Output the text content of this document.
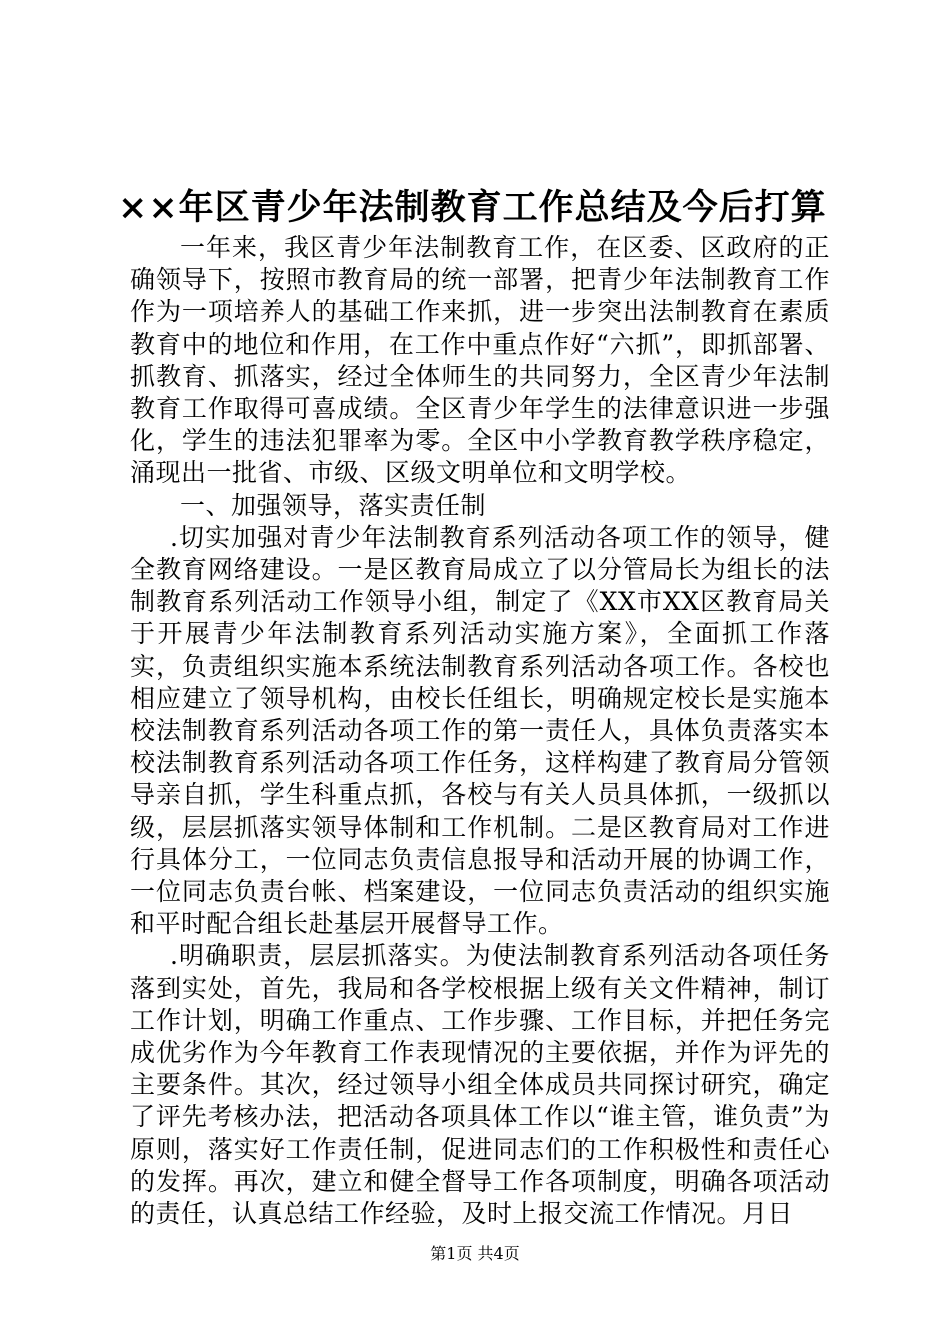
××年区青少年法制教育工作总结及今后打算

一年来，我区青少年法制教育工作，在区委、区政府的正确领导下，按照市教育局的统一部署，把青少年法制教育工作作为一项培养人的基础工作来抓，进一步突出法制教育在素质教育中的地位和作用，在工作中重点作好“六抓”，即抓部署、抓教育、抓落实，经过全体师生的共同努力，全区青少年法制教育工作取得可喜成绩。全区青少年学生的法律意识进一步强化，学生的违法犯罪率为零。全区中小学教育教学秩序稳定，涌现出一批省、市级、区级文明单位和文明学校。

一、加强领导，落实责任制

.切实加强对青少年法制教育系列活动各项工作的领导，健全教育网络建设。一是区教育局成立了以分管局长为组长的法制教育系列活动工作领导小组，制定了《XX市XX区教育局关于开展青少年法制教育系列活动实施方案》，全面抓工作落实，负责组织实施本系统法制教育系列活动各项工作。各校也相应建立了领导机构，由校长任组长，明确规定校长是实施本校法制教育系列活动各项工作的第一责任人，具体负责落实本校法制教育系列活动各项工作任务，这样构建了教育局分管领导亲自抓，学生科重点抓，各校与有关人员具体抓，一级抓以级，层层抓落实领导体制和工作机制。二是区教育局对工作进行具体分工，一位同志负责信息报导和活动开展的协调工作，一位同志负责台帐、档案建设，一位同志负责活动的组织实施和平时配合组长赴基层开展督导工作。

.明确职责，层层抓落实。为使法制教育系列活动各项任务落到实处，首先，我局和各学校根据上级有关文件精神，制订工作计划，明确工作重点、工作步骤、工作目标，并把任务完成优劣作为今年教育工作表现情况的主要依据，并作为评先的主要条件。其次，经过领导小组全体成员共同探讨研究，确定了评先考核办法，把活动各项具体工作以“谁主管，谁负责”为原则，落实好工作责任制，促进同志们的工作积极性和责任心的发挥。再次，建立和健全督导工作各项制度，明确各项活动的责任，认真总结工作经验，及时上报交流工作情况。月日

第1页 共4页
